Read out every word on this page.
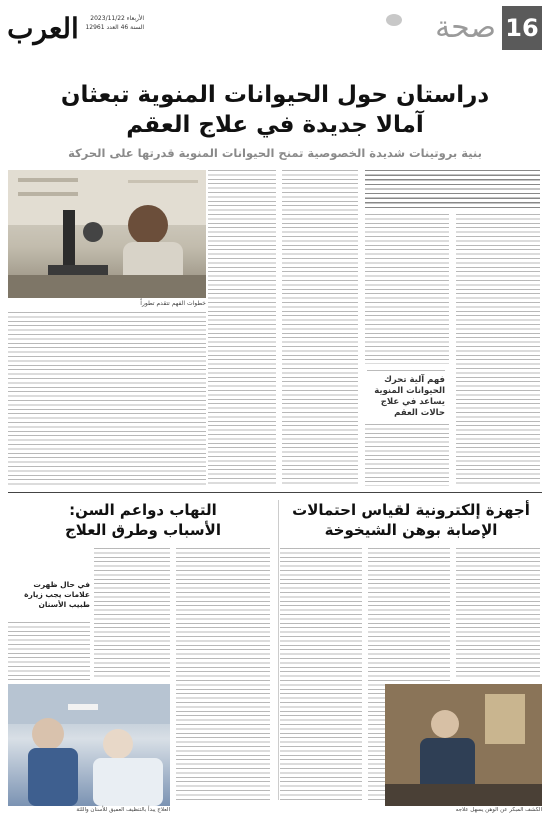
16
صحة
العرب	الأربعاء 2023/11/22
السنة 46 العدد 12961
دراستان حول الحيوانات المنوية تبعثان
آمالا جديدة في علاج العقم
بنية بروتينات شديدة الخصوصية تمنح الحيوانات المنوية قدرتها على الحركة
فهم آلية تحرك الحيوانات المنوية يساعد في علاج حالات العقم
خطوات الفهم تتقدم تطوراً
أجهزة إلكترونية لقياس احتمالات
الإصابة بوهن الشيخوخة
التهاب دواعم السن:
الأسباب وطرق العلاج
في حال ظهرت علامات يجب زيارة طبيب الأسنان
العلاج يبدأ بالتنظيف العميق للأسنان واللثة	الكشف المبكر عن الوهن يسهل علاجه
